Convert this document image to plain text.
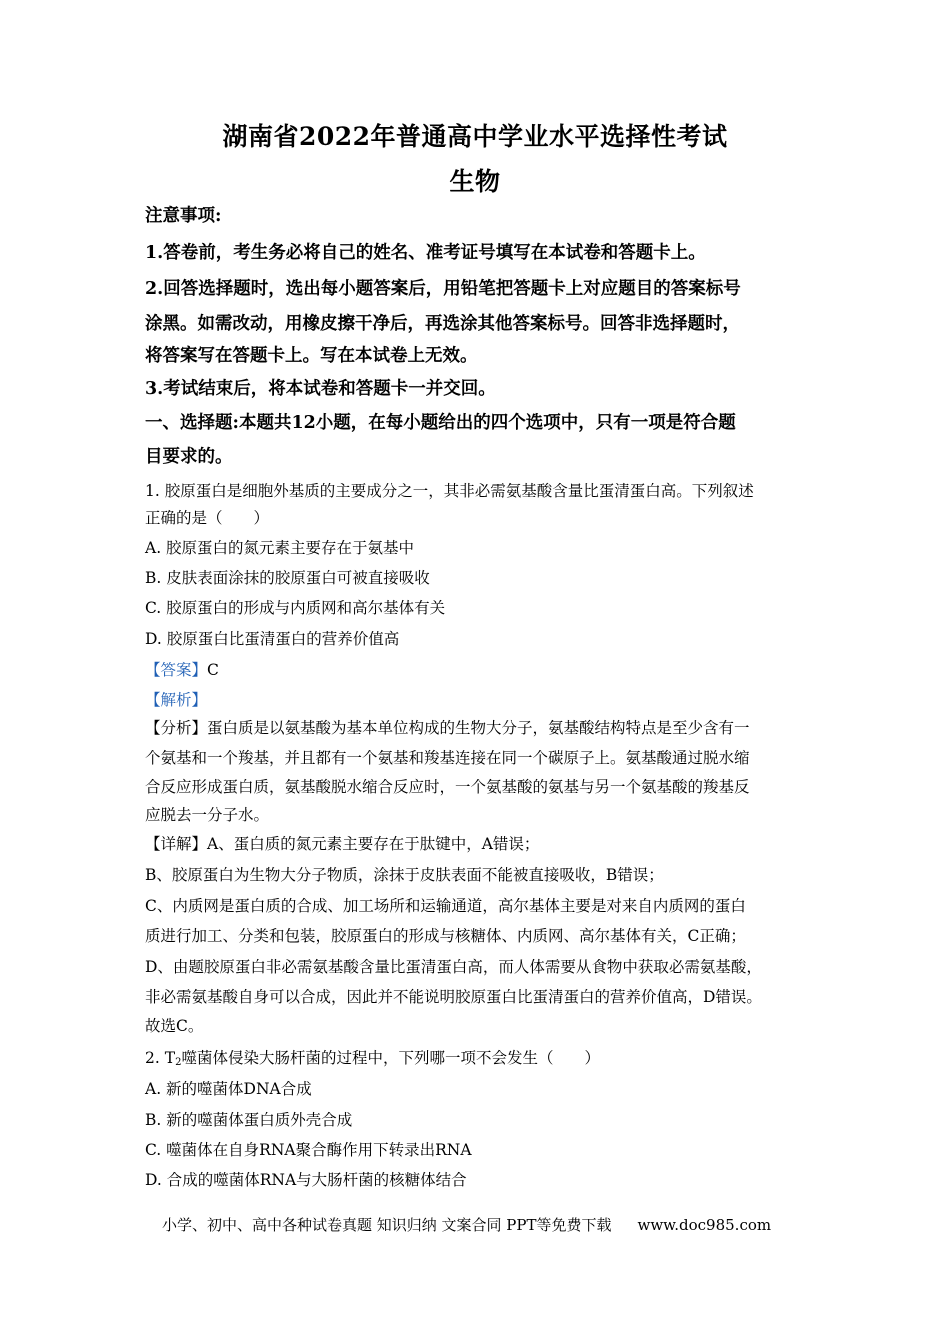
湖南省2022年普通高中学业水平选择性考试
生物
注意事项:
1.答卷前，考生务必将自己的姓名、准考证号填写在本试卷和答题卡上。
2.回答选择题时，选出每小题答案后，用铅笔把答题卡上对应题目的答案标号
涂黑。如需改动，用橡皮擦干净后，再选涂其他答案标号。回答非选择题时，
将答案写在答题卡上。写在本试卷上无效。
3.考试结束后，将本试卷和答题卡一并交回。
一、选择题:本题共12小题，在每小题给出的四个选项中，只有一项是符合题
目要求的。
1. 胶原蛋白是细胞外基质的主要成分之一，其非必需氨基酸含量比蛋清蛋白高。下列叙述
正确的是（　　）
A. 胶原蛋白的氮元素主要存在于氨基中
B. 皮肤表面涂抹的胶原蛋白可被直接吸收
C. 胶原蛋白的形成与内质网和高尔基体有关
D. 胶原蛋白比蛋清蛋白的营养价值高
【答案】C
【解析】
【分析】蛋白质是以氨基酸为基本单位构成的生物大分子，氨基酸结构特点是至少含有一
个氨基和一个羧基，并且都有一个氨基和羧基连接在同一个碳原子上。氨基酸通过脱水缩
合反应形成蛋白质，氨基酸脱水缩合反应时，一个氨基酸的氨基与另一个氨基酸的羧基反
应脱去一分子水。
【详解】A、蛋白质的氮元素主要存在于肽键中，A错误；
B、胶原蛋白为生物大分子物质，涂抹于皮肤表面不能被直接吸收，B错误；
C、内质网是蛋白质的合成、加工场所和运输通道，高尔基体主要是对来自内质网的蛋白
质进行加工、分类和包装，胶原蛋白的形成与核糖体、内质网、高尔基体有关，C正确；
D、由题胶原蛋白非必需氨基酸含量比蛋清蛋白高，而人体需要从食物中获取必需氨基酸，
非必需氨基酸自身可以合成，因此并不能说明胶原蛋白比蛋清蛋白的营养价值高，D错误。
故选C。
2. $T_2$噬菌体侵染大肠杆菌的过程中，下列哪一项不会发生（　　）
A. 新的噬菌体DNA合成
B. 新的噬菌体蛋白质外壳合成
C. 噬菌体在自身RNA聚合酶作用下转录出RNA
D. 合成的噬菌体RNA与大肠杆菌的核糖体结合
小学、初中、高中各种试卷真题 知识归纳 文案合同 PPT等免费下载 www.doc985.com
